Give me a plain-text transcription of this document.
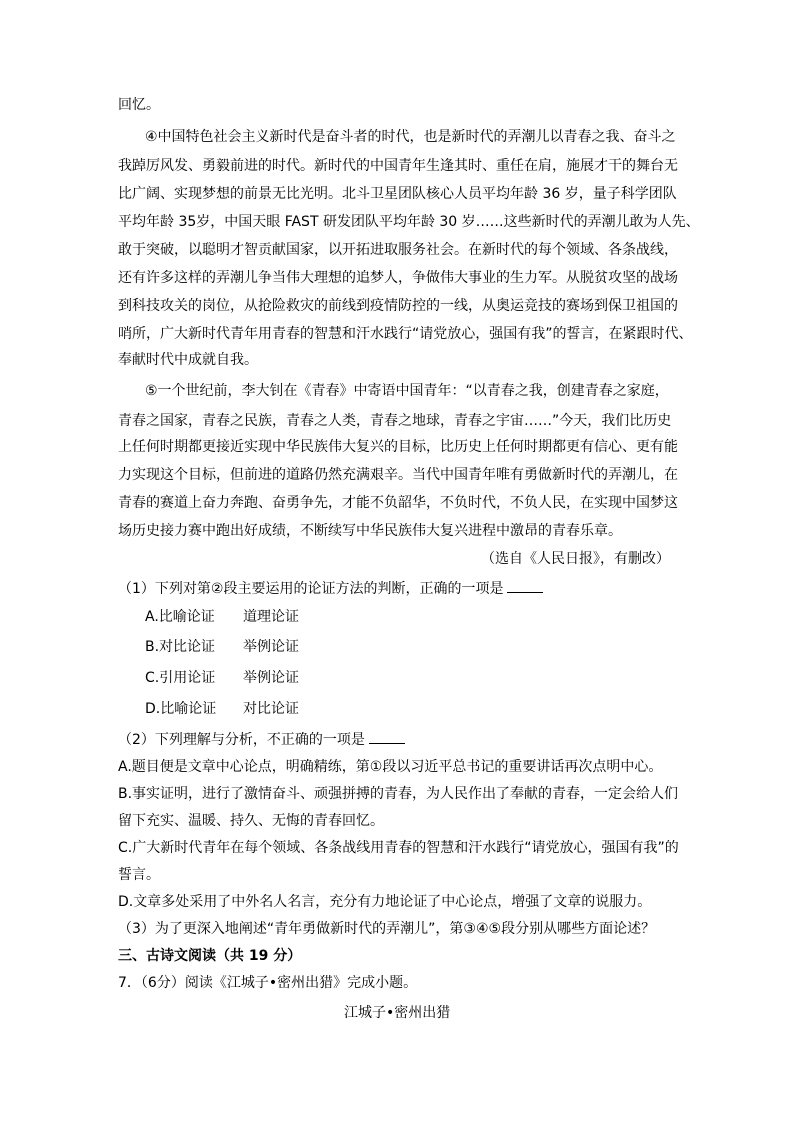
回忆。
④中国特色社会主义新时代是奋斗者的时代，也是新时代的弄潮儿以青春之我、奋斗之
我踔厉风发、勇毅前进的时代。新时代的中国青年生逢其时、重任在肩，施展才干的舞台无
比广阔、实现梦想的前景无比光明。北斗卫星团队核心人员平均年龄 36 岁，量子科学团队
平均年龄 35岁，中国天眼 FAST 研发团队平均年龄 30 岁……这些新时代的弄潮儿敢为人先、
敢于突破，以聪明才智贡献国家，以开拓进取服务社会。在新时代的每个领域、各条战线，
还有许多这样的弄潮儿争当伟大理想的追梦人，争做伟大事业的生力军。从脱贫攻坚的战场
到科技攻关的岗位，从抢险救灾的前线到疫情防控的一线，从奥运竞技的赛场到保卫祖国的
哨所，广大新时代青年用青春的智慧和汗水践行“请党放心，强国有我”的誓言，在紧跟时代、
奉献时代中成就自我。
⑤一个世纪前，李大钊在《青春》中寄语中国青年：“以青春之我，创建青春之家庭，
青春之国家，青春之民族，青春之人类，青春之地球，青春之宇宙……”今天，我们比历史
上任何时期都更接近实现中华民族伟大复兴的目标，比历史上任何时期都更有信心、更有能
力实现这个目标，但前进的道路仍然充满艰辛。当代中国青年唯有勇做新时代的弄潮儿，在
青春的赛道上奋力奔跑、奋勇争先，才能不负韶华，不负时代，不负人民，在实现中国梦这
场历史接力赛中跑出好成绩，不断续写中华民族伟大复兴进程中激昂的青春乐章。
（选自《人民日报》，有删改）
（1）下列对第②段主要运用的论证方法的判断，正确的一项是
A.比喻论证 道理论证
B.对比论证 举例论证
C.引用论证 举例论证
D.比喻论证 对比论证
（2）下列理解与分析，不正确的一项是
A.题目便是文章中心论点，明确精练，第①段以习近平总书记的重要讲话再次点明中心。
B.事实证明，进行了激情奋斗、顽强拼搏的青春，为人民作出了奉献的青春，一定会给人们
留下充实、温暖、持久、无悔的青春回忆。
C.广大新时代青年在每个领域、各条战线用青春的智慧和汗水践行“请党放心，强国有我”的
誓言。
D.文章多处采用了中外名人名言，充分有力地论证了中心论点，增强了文章的说服力。
（3）为了更深入地阐述“青年勇做新时代的弄潮儿”，第③④⑤段分别从哪些方面论述？
三、古诗文阅读（共 19 分）
7．（6分）阅读《江城子•密州出猎》完成小题。
江城子•密州出猎
